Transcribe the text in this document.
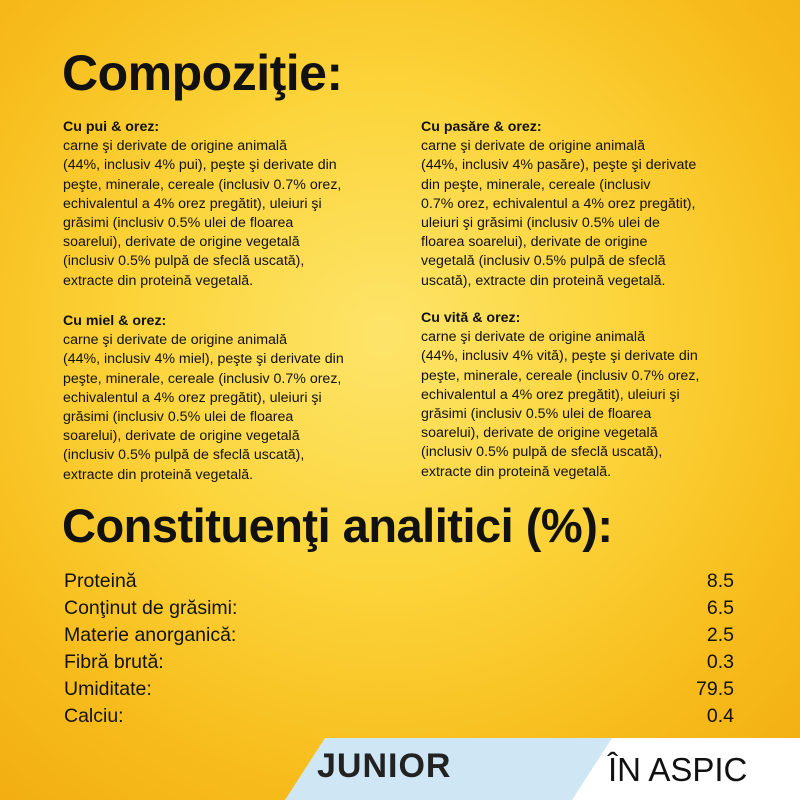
Compoziţie:
Cu pui & orez:
carne şi derivate de origine animală
(44%, inclusiv 4% pui), peşte şi derivate din
peşte, minerale, cereale (inclusiv 0.7% orez,
echivalentul a 4% orez pregătit), uleiuri şi
grăsimi (inclusiv 0.5% ulei de floarea
soarelui), derivate de origine vegetală
(inclusiv 0.5% pulpă de sfeclă uscată),
extracte din proteină vegetală.
Cu pasăre & orez:
carne şi derivate de origine animală
(44%, inclusiv 4% pasăre), peşte şi derivate
din peşte, minerale, cereale (inclusiv
0.7% orez, echivalentul a 4% orez pregătit),
uleiuri şi grăsimi (inclusiv 0.5% ulei de
floarea soarelui), derivate de origine
vegetală (inclusiv 0.5% pulpă de sfeclă
uscată), extracte din proteină vegetală.
Cu miel & orez:
carne şi derivate de origine animală
(44%, inclusiv 4% miel), peşte şi derivate din
peşte, minerale, cereale (inclusiv 0.7% orez,
echivalentul a 4% orez pregătit), uleiuri şi
grăsimi (inclusiv 0.5% ulei de floarea
soarelui), derivate de origine vegetală
(inclusiv 0.5% pulpă de sfeclă uscată),
extracte din proteină vegetală.
Cu vită & orez:
carne şi derivate de origine animală
(44%, inclusiv 4% vită), peşte şi derivate din
peşte, minerale, cereale (inclusiv 0.7% orez,
echivalentul a 4% orez pregătit), uleiuri şi
grăsimi (inclusiv 0.5% ulei de floarea
soarelui), derivate de origine vegetală
(inclusiv 0.5% pulpă de sfeclă uscată),
extracte din proteină vegetală.
Constituenţi analitici (%):
Proteină	8.5
Conţinut de grăsimi:	6.5
Materie anorganică:	2.5
Fibră brută:	0.3
Umiditate:	79.5
Calciu:	0.4
JUNIOR	ÎN ASPIC
